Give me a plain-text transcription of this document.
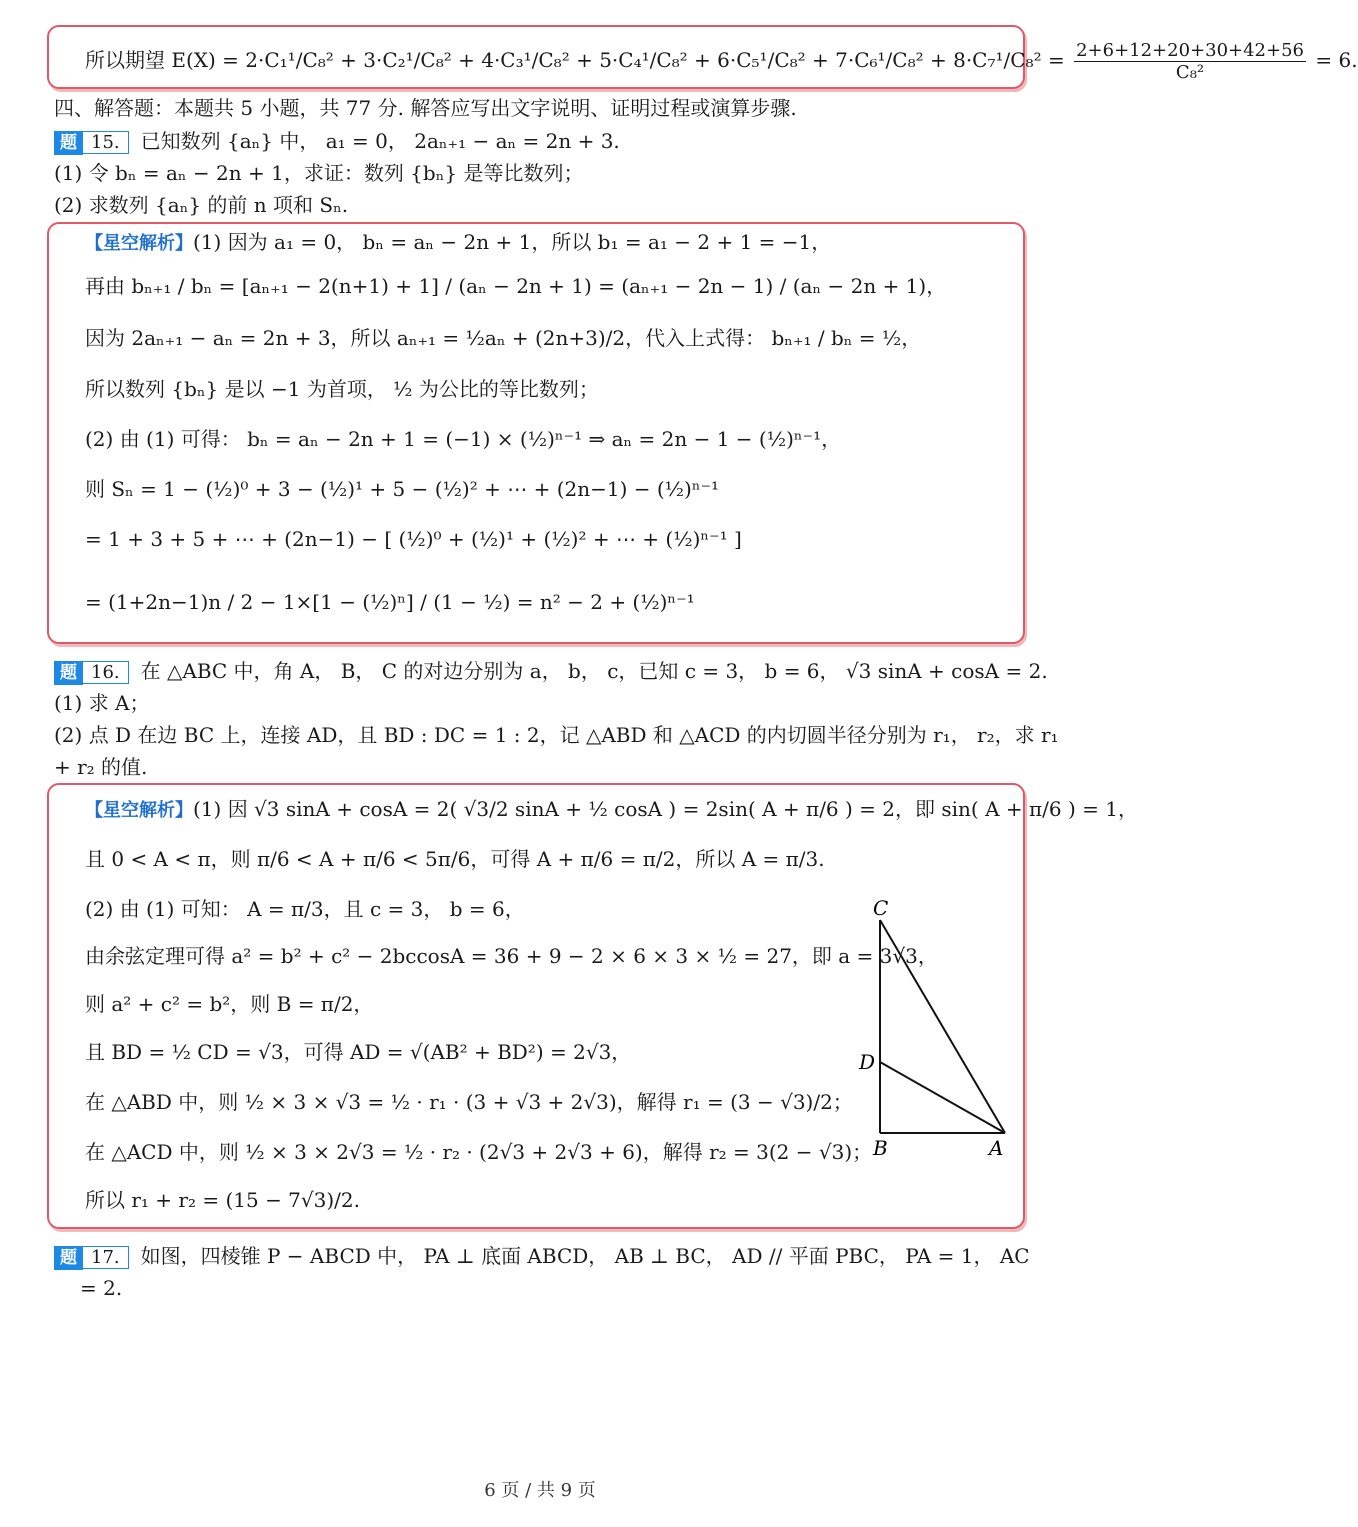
所以期望 $E(X) = 2\cdot C_1^1/C_8^2 + 3\cdot C_2^1/C_8^2 + 4\cdot C_3^1/C_8^2 + 5\cdot C_4^1/C_8^2 + 6\cdot C_5^1/C_8^2 + 7\cdot C_6^1/C_8^2 + 8\cdot C_7^1/C_8^2 = \frac{2+6+12+20+30+42+56}{\text{C₈²}} = 6$.
四、解答题：本题共 5 小题，共 77 分. 解答应写出文字说明、证明过程或演算步骤.
题 15. 已知数列 {aₙ} 中， a₁ = 0， 2aₙ₊₁ − aₙ = 2n + 3.
(1) 令 bₙ = aₙ − 2n + 1，求证：数列 {bₙ} 是等比数列；
(2) 求数列 {aₙ} 的前 n 项和 Sₙ.
【星空解析】(1) 因为 a₁ = 0， bₙ = aₙ − 2n + 1，所以 b₁ = a₁ − 2 + 1 = −1，
再由 bₙ₊₁ / bₙ = [aₙ₊₁ − 2(n+1) + 1] / (aₙ − 2n + 1) = (aₙ₊₁ − 2n − 1) / (aₙ − 2n + 1)，
因为 2aₙ₊₁ − aₙ = 2n + 3，所以 aₙ₊₁ = ½aₙ + (2n+3)/2，代入上式得： bₙ₊₁ / bₙ = ½，
所以数列 {bₙ} 是以 −1 为首项， ½ 为公比的等比数列；
(2) 由 (1) 可得： bₙ = aₙ − 2n + 1 = (−1) × (½)ⁿ⁻¹ ⇒ aₙ = 2n − 1 − (½)ⁿ⁻¹，
则 Sₙ = 1 − (½)⁰ + 3 − (½)¹ + 5 − (½)² + ⋯ + (2n−1) − (½)ⁿ⁻¹
= 1 + 3 + 5 + ⋯ + (2n−1) − [ (½)⁰ + (½)¹ + (½)² + ⋯ + (½)ⁿ⁻¹ ]
= (1+2n−1)n / 2 − 1×[1 − (½)ⁿ] / (1 − ½) = n² − 2 + (½)ⁿ⁻¹
题 16. 在 △ABC 中，角 A， B， C 的对边分别为 a， b， c，已知 c = 3， b = 6， √3 sinA + cosA = 2.
(1) 求 A；
(2) 点 D 在边 BC 上，连接 AD，且 BD : DC = 1 : 2，记 △ABD 和 △ACD 的内切圆半径分别为 r₁， r₂，求 r₁
+ r₂ 的值.
【星空解析】(1) 因 √3 sinA + cosA = 2( √3/2 sinA + ½ cosA ) = 2sin( A + π/6 ) = 2，即 sin( A + π/6 ) = 1，
且 0 < A < π，则 π/6 < A + π/6 < 5π/6，可得 A + π/6 = π/2，所以 A = π/3.
(2) 由 (1) 可知： A = π/3，且 c = 3， b = 6，
由余弦定理可得 a² = b² + c² − 2bccosA = 36 + 9 − 2 × 6 × 3 × ½ = 27，即 a = 3√3，
则 a² + c² = b²，则 B = π/2，
且 BD = ½ CD = √3，可得 AD = √(AB² + BD²) = 2√3，
在 △ABD 中，则 ½ × 3 × √3 = ½ · r₁ · (3 + √3 + 2√3)，解得 r₁ = (3 − √3)/2；
在 △ACD 中，则 ½ × 3 × 2√3 = ½ · r₂ · (2√3 + 2√3 + 6)，解得 r₂ = 3(2 − √3)；
所以 r₁ + r₂ = (15 − 7√3)/2.
C
D
B	A
题 17. 如图，四棱锥 P − ABCD 中， PA ⊥ 底面 ABCD， AB ⊥ BC， AD // 平面 PBC， PA = 1， AC
= 2.
6 页 / 共 9 页
